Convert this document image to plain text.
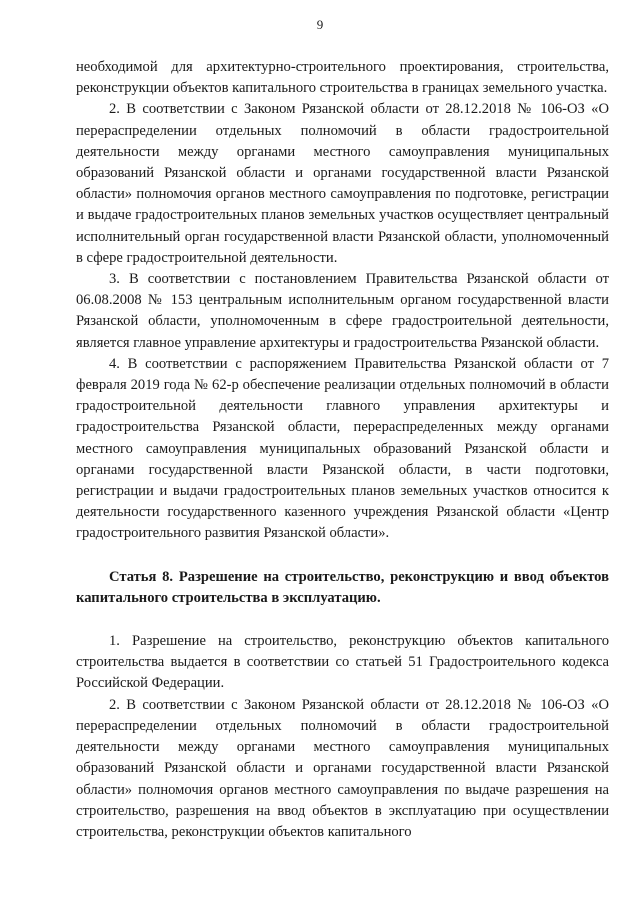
9

необходимой для архитектурно-строительного проектирования, строительства, реконструкции объектов капитального строительства в границах земельного участка.

2. В соответствии с Законом Рязанской области от 28.12.2018 № 106-ОЗ «О перераспределении отдельных полномочий в области градостроительной деятельности между органами местного самоуправления муниципальных образований Рязанской области и органами государственной власти Рязанской области» полномочия органов местного самоуправления по подготовке, регистрации и выдаче градостроительных планов земельных участков осуществляет центральный исполнительный орган государственной власти Рязанской области, уполномоченный в сфере градостроительной деятельности.

3. В соответствии с постановлением Правительства Рязанской области от 06.08.2008 № 153 центральным исполнительным органом государственной власти Рязанской области, уполномоченным в сфере градостроительной деятельности, является главное управление архитектуры и градостроительства Рязанской области.

4. В соответствии с распоряжением Правительства Рязанской области от 7 февраля 2019 года № 62-р обеспечение реализации отдельных полномочий в области градостроительной деятельности главного управления архитектуры и градостроительства Рязанской области, перераспределенных между органами местного самоуправления муниципальных образований Рязанской области и органами государственной власти Рязанской области, в части подготовки, регистрации и выдачи градостроительных планов земельных участков относится к деятельности государственного казенного учреждения Рязанской области «Центр градостроительного развития Рязанской области».

Статья 8. Разрешение на строительство, реконструкцию и ввод объектов капитального строительства в эксплуатацию.

1. Разрешение на строительство, реконструкцию объектов капитального строительства выдается в соответствии со статьей 51 Градостроительного кодекса Российской Федерации.

2. В соответствии с Законом Рязанской области от 28.12.2018 № 106-ОЗ «О перераспределении отдельных полномочий в области градостроительной деятельности между органами местного самоуправления муниципальных образований Рязанской области и органами государственной власти Рязанской области» полномочия органов местного самоуправления по выдаче разрешения на строительство, разрешения на ввод объектов в эксплуатацию при осуществлении строительства, реконструкции объектов капитального
